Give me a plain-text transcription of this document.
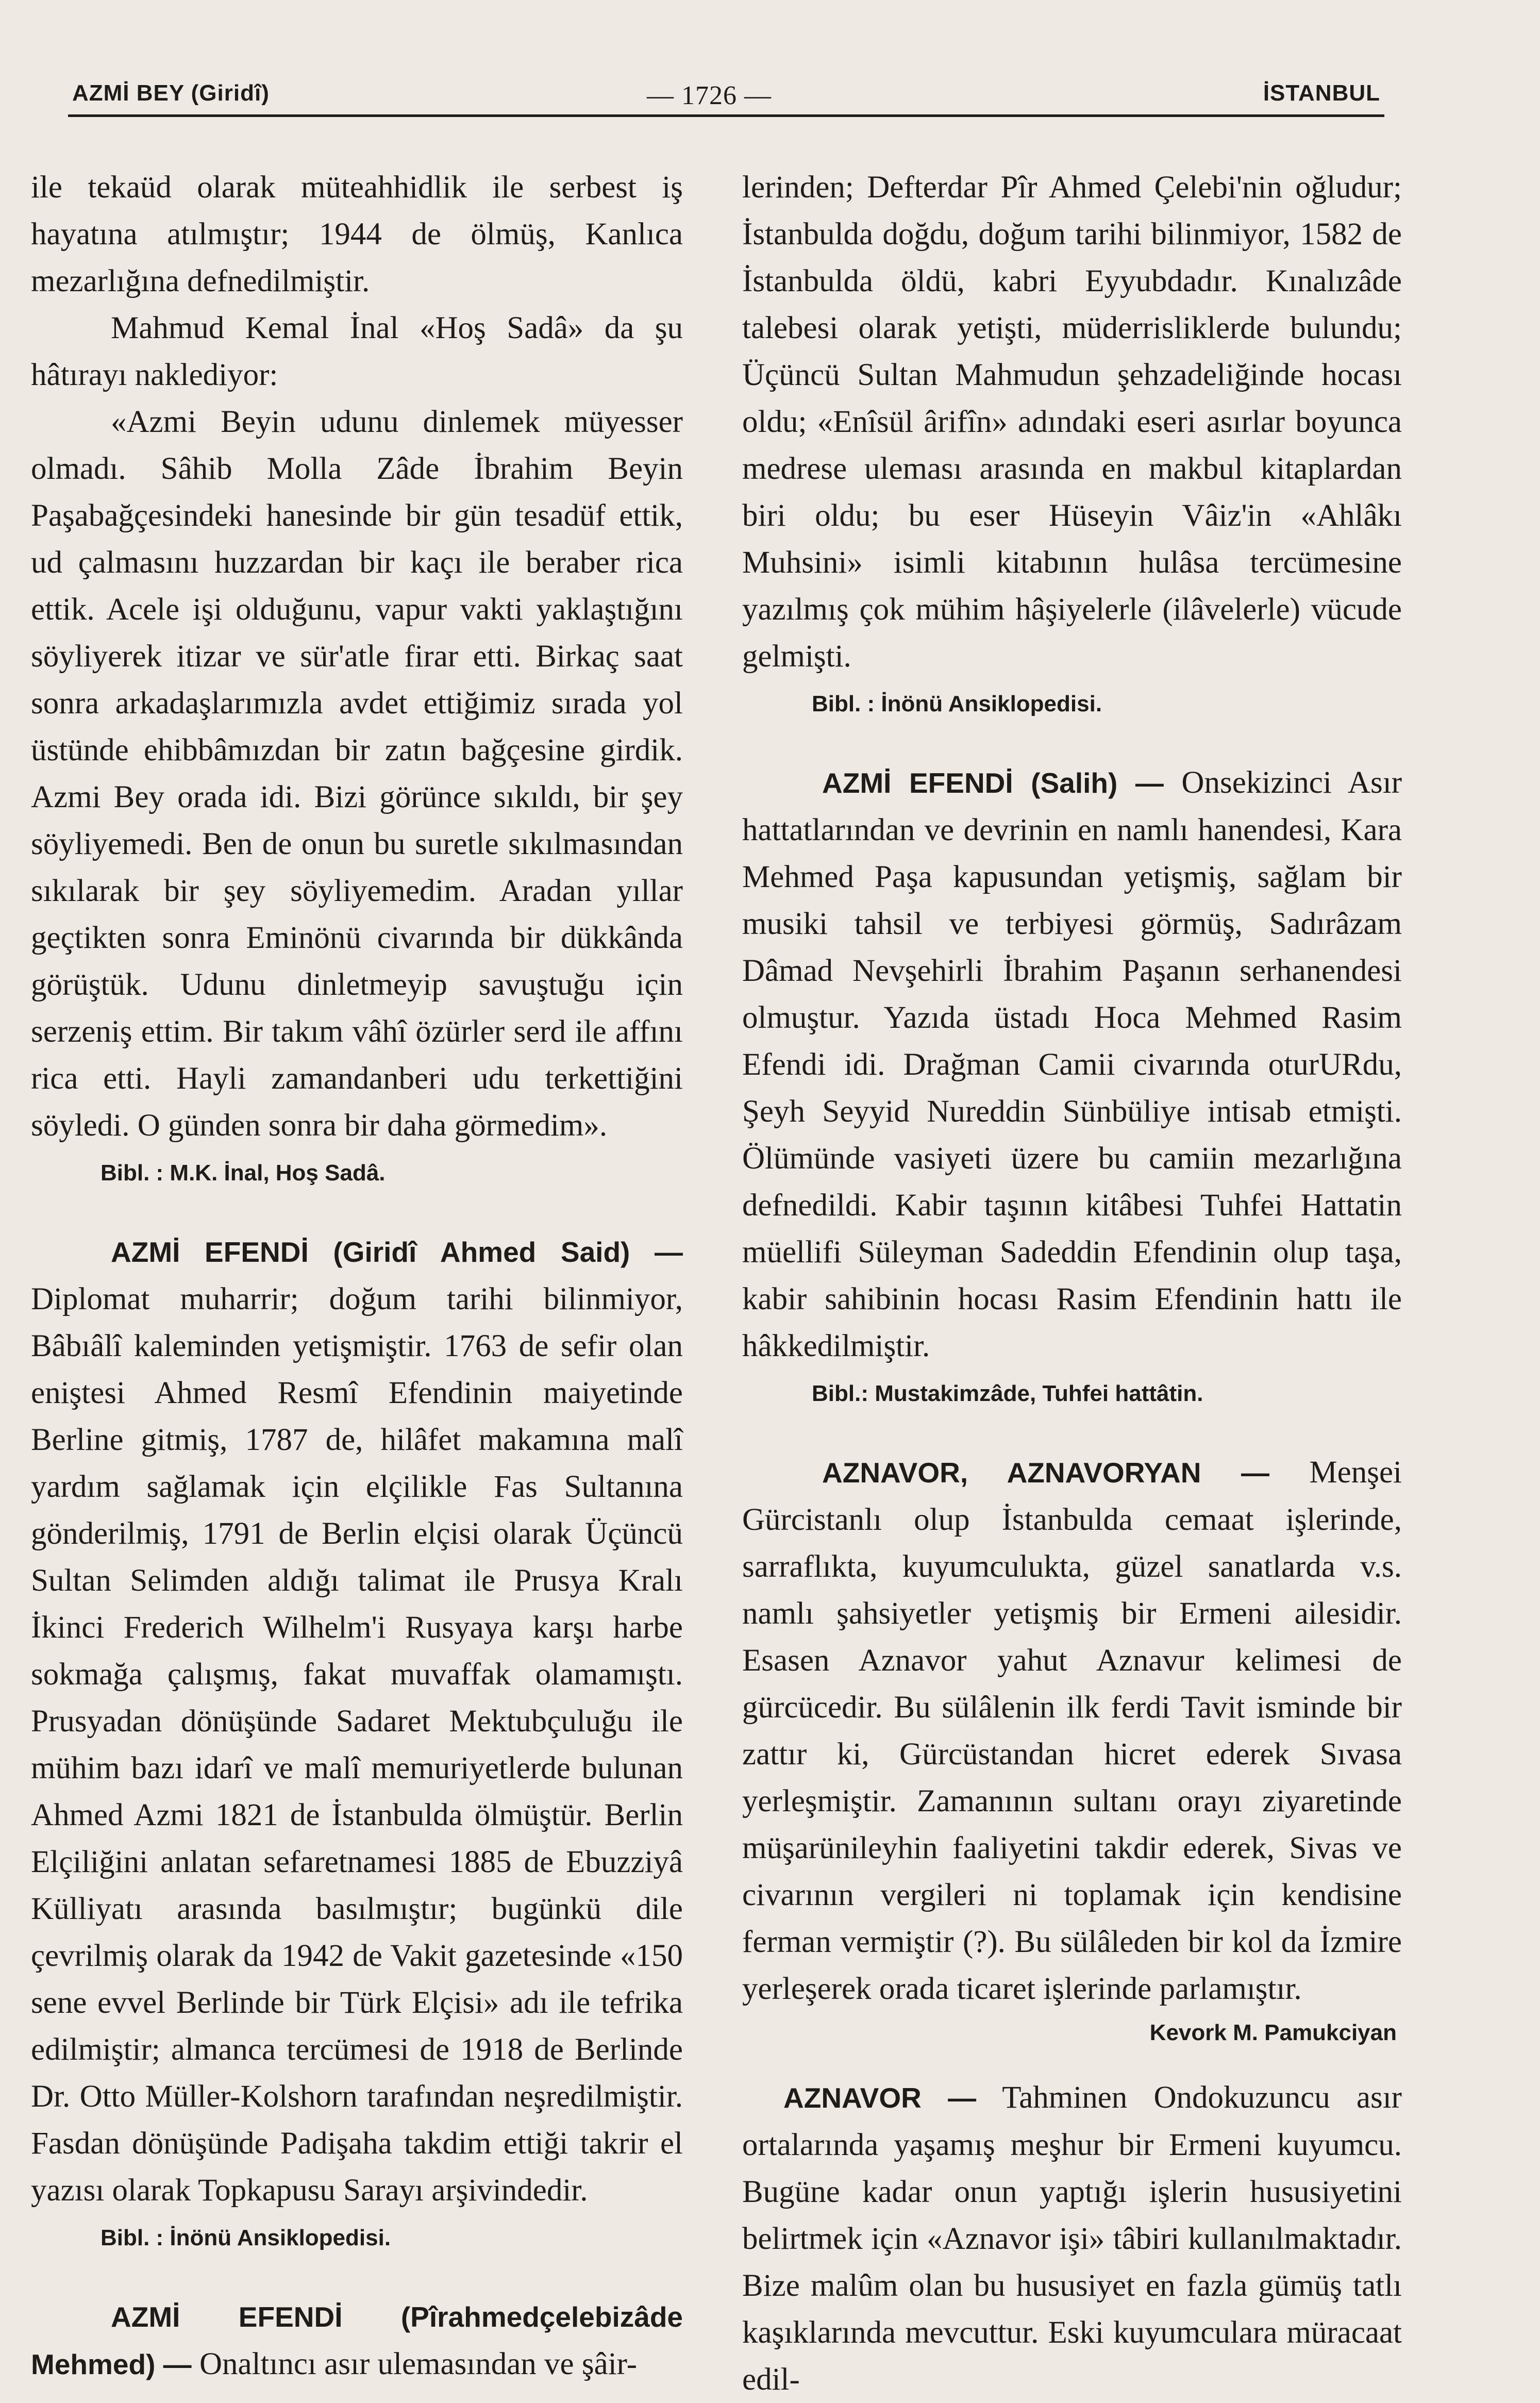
AZMİ BEY (Giridî)	— 1726 —	İSTANBUL

ile tekaüd olarak müteahhidlik ile serbest iş hayatına atılmıştır; 1944 de ölmüş, Kanlıca mezarlığına defnedilmiştir.

Mahmud Kemal İnal «Hoş Sadâ» da şu hâtırayı naklediyor:

«Azmi Beyin udunu dinlemek müyesser olmadı. Sâhib Molla Zâde İbrahim Beyin Paşabağçesindeki hanesinde bir gün tesadüf ettik, ud çalmasını huzzardan bir kaçı ile beraber rica ettik. Acele işi olduğunu, vapur vakti yaklaştığını söyliyerek itizar ve sür'atle firar etti. Birkaç saat sonra arkadaşlarımızla avdet ettiğimiz sırada yol üstünde ehibbâmızdan bir zatın bağçesine girdik. Azmi Bey orada idi. Bizi görünce sıkıldı, bir şey söyliyemedi. Ben de onun bu suretle sıkılmasından sıkılarak bir şey söyliyemedim. Aradan yıllar geçtikten sonra Eminönü civarında bir dükkânda görüştük. Udunu dinletmeyip savuştuğu için serzeniş ettim. Bir takım vâhî özürler serd ile affını rica etti. Hayli zamandanberi udu terkettiğini söyledi. O günden sonra bir daha görmedim».

Bibl. : M.K. İnal, Hoş Sadâ.

AZMİ EFENDİ (Giridî Ahmed Said) — Diplomat muharrir; doğum tarihi bilinmiyor, Bâbıâlî kaleminden yetişmiştir. 1763 de sefir olan eniştesi Ahmed Resmî Efendinin maiyetinde Berline gitmiş, 1787 de, hilâfet makamına malî yardım sağlamak için elçilikle Fas Sultanına gönderilmiş, 1791 de Berlin elçisi olarak Üçüncü Sultan Selimden aldığı talimat ile Prusya Kralı İkinci Frederich Wilhelm'i Rusyaya karşı harbe sokmağa çalışmış, fakat muvaffak olamamıştı. Prusyadan dönüşünde Sadaret Mektubçuluğu ile mühim bazı idarî ve malî memuriyetlerde bulunan Ahmed Azmi 1821 de İstanbulda ölmüştür. Berlin Elçiliğini anlatan sefaretnamesi 1885 de Ebuzziyâ Külliyatı arasında basılmıştır; bugünkü dile çevrilmiş olarak da 1942 de Vakit gazetesinde «150 sene evvel Berlinde bir Türk Elçisi» adı ile tefrika edilmiştir; almanca tercümesi de 1918 de Berlinde Dr. Otto Müller-Kolshorn tarafından neşredilmiştir. Fasdan dönüşünde Padişaha takdim ettiği takrir el yazısı olarak Topkapusu Sarayı arşivindedir.

Bibl. : İnönü Ansiklopedisi.

AZMİ EFENDİ (Pîrahmedçelebizâde Mehmed) — Onaltıncı asır ulemasından ve şâir-

lerinden; Defterdar Pîr Ahmed Çelebi'nin oğludur; İstanbulda doğdu, doğum tarihi bilinmiyor, 1582 de İstanbulda öldü, kabri Eyyubdadır. Kınalızâde talebesi olarak yetişti, müderrisliklerde bulundu; Üçüncü Sultan Mahmudun şehzadeliğinde hocası oldu; «Enîsül ârifîn» adındaki eseri asırlar boyunca medrese uleması arasında en makbul kitaplardan biri oldu; bu eser Hüseyin Vâiz'in «Ahlâkı Muhsini» isimli kitabının hulâsa tercümesine yazılmış çok mühim hâşiyelerle (ilâvelerle) vücude gelmişti.

Bibl. : İnönü Ansiklopedisi.

AZMİ EFENDİ (Salih) — Onsekizinci Asır hattatlarından ve devrinin en namlı hanendesi, Kara Mehmed Paşa kapusundan yetişmiş, sağlam bir musiki tahsil ve terbiyesi görmüş, Sadırâzam Dâmad Nevşehirli İbrahim Paşanın serhanendesi olmuştur. Yazıda üstadı Hoca Mehmed Rasim Efendi idi. Drağman Camii civarında oturURdu, Şeyh Seyyid Nureddin Sünbüliye intisab etmişti. Ölümünde vasiyeti üzere bu camiin mezarlığına defnedildi. Kabir taşının kitâbesi Tuhfei Hattatin müellifi Süleyman Sadeddin Efendinin olup taşa, kabir sahibinin hocası Rasim Efendinin hattı ile hâkkedilmiştir.

Bibl.: Mustakimzâde, Tuhfei hattâtin.

AZNAVOR, AZNAVORYAN — Menşei Gürcistanlı olup İstanbulda cemaat işlerinde, sarraflıkta, kuyumculukta, güzel sanatlarda v.s. namlı şahsiyetler yetişmiş bir Ermeni ailesidir. Esasen Aznavor yahut Aznavur kelimesi de gürcücedir. Bu sülâlenin ilk ferdi Tavit isminde bir zattır ki, Gürcüstandan hicret ederek Sıvasa yerleşmiştir. Zamanının sultanı orayı ziyaretinde müşarünileyhin faaliyetini takdir ederek, Sivas ve civarının vergileri ni toplamak için kendisine ferman vermiştir (?). Bu sülâleden bir kol da İzmire yerleşerek orada ticaret işlerinde parlamıştır.

Kevork M. Pamukciyan

AZNAVOR — Tahminen Ondokuzuncu asır ortalarında yaşamış meşhur bir Ermeni kuyumcu. Bugüne kadar onun yaptığı işlerin hususiyetini belirtmek için «Aznavor işi» tâbiri kullanılmaktadır. Bize malûm olan bu hususiyet en fazla gümüş tatlı kaşıklarında mevcuttur. Eski kuyumculara müracaat edil-
